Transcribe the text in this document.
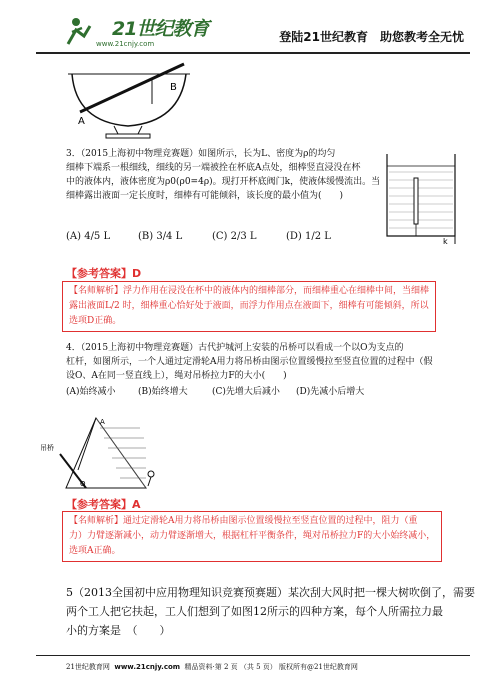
21世纪教育
www.21cnjy.com	登陆21世纪教育　助您教考全无忧
B
A
3．（2015上海初中物理竞赛题）如图所示，长为L、密度为ρ的均匀
细棒下端系一根细线，细线的另一端被拴在杯底A点处，细棒竖直浸没在杯
中的液体内，液体密度为ρ0(ρ0=4ρ)。现打开杯底阀门k，使液体缓慢流出。当
细棒露出液面一定长度时，细棒有可能倾斜，该长度的最小值为(　　)
k

(A) 4/5 L

	(B) 3/4 L

	(C) 2/3 L

	(D) 1/2 L

【参考答案】D
【名师解析】浮力作用在浸没在杯中的液体内的细棒部分，而细棒重心在细棒中间，当细棒
露出液面L/2 时，细棒重心恰好处于液面，而浮力作用点在液面下，细棒有可能倾斜，所以
选项D正确。
4．（2015上海初中物理竞赛题）古代护城河上安装的吊桥可以看成一个以O为支点的
杠杆，如图所示，一个人通过定滑轮A用力将吊桥由图示位置缓慢拉至竖直位置的过程中（假
设O、A在同一竖直线上），绳对吊桥拉力F的大小(　　)

(A)始终减小

(B)始终增大

	(C)先增大后减小

(D)先减小后增大

吊桥
O
A
【参考答案】A
【名师解析】通过定滑轮A用力将吊桥由图示位置缓慢拉至竖直位置的过程中，阻力（重
力）力臂逐渐减小，动力臂逐渐增大，根据杠杆平衡条件，绳对吊桥拉力F的大小始终减小，
选项A正确。
5（2013全国初中应用物理知识竞赛预赛题）某次刮大风时把一棵大树吹倒了，需要
两个工人把它扶起，工人们想到了如图12所示的四种方案，每个人所需拉力最
小的方案是　（　　）
21世纪教育网 www.21cnjy.com 精品资料·第 2 页 （共 5 页） 版权所有@21世纪教育网
